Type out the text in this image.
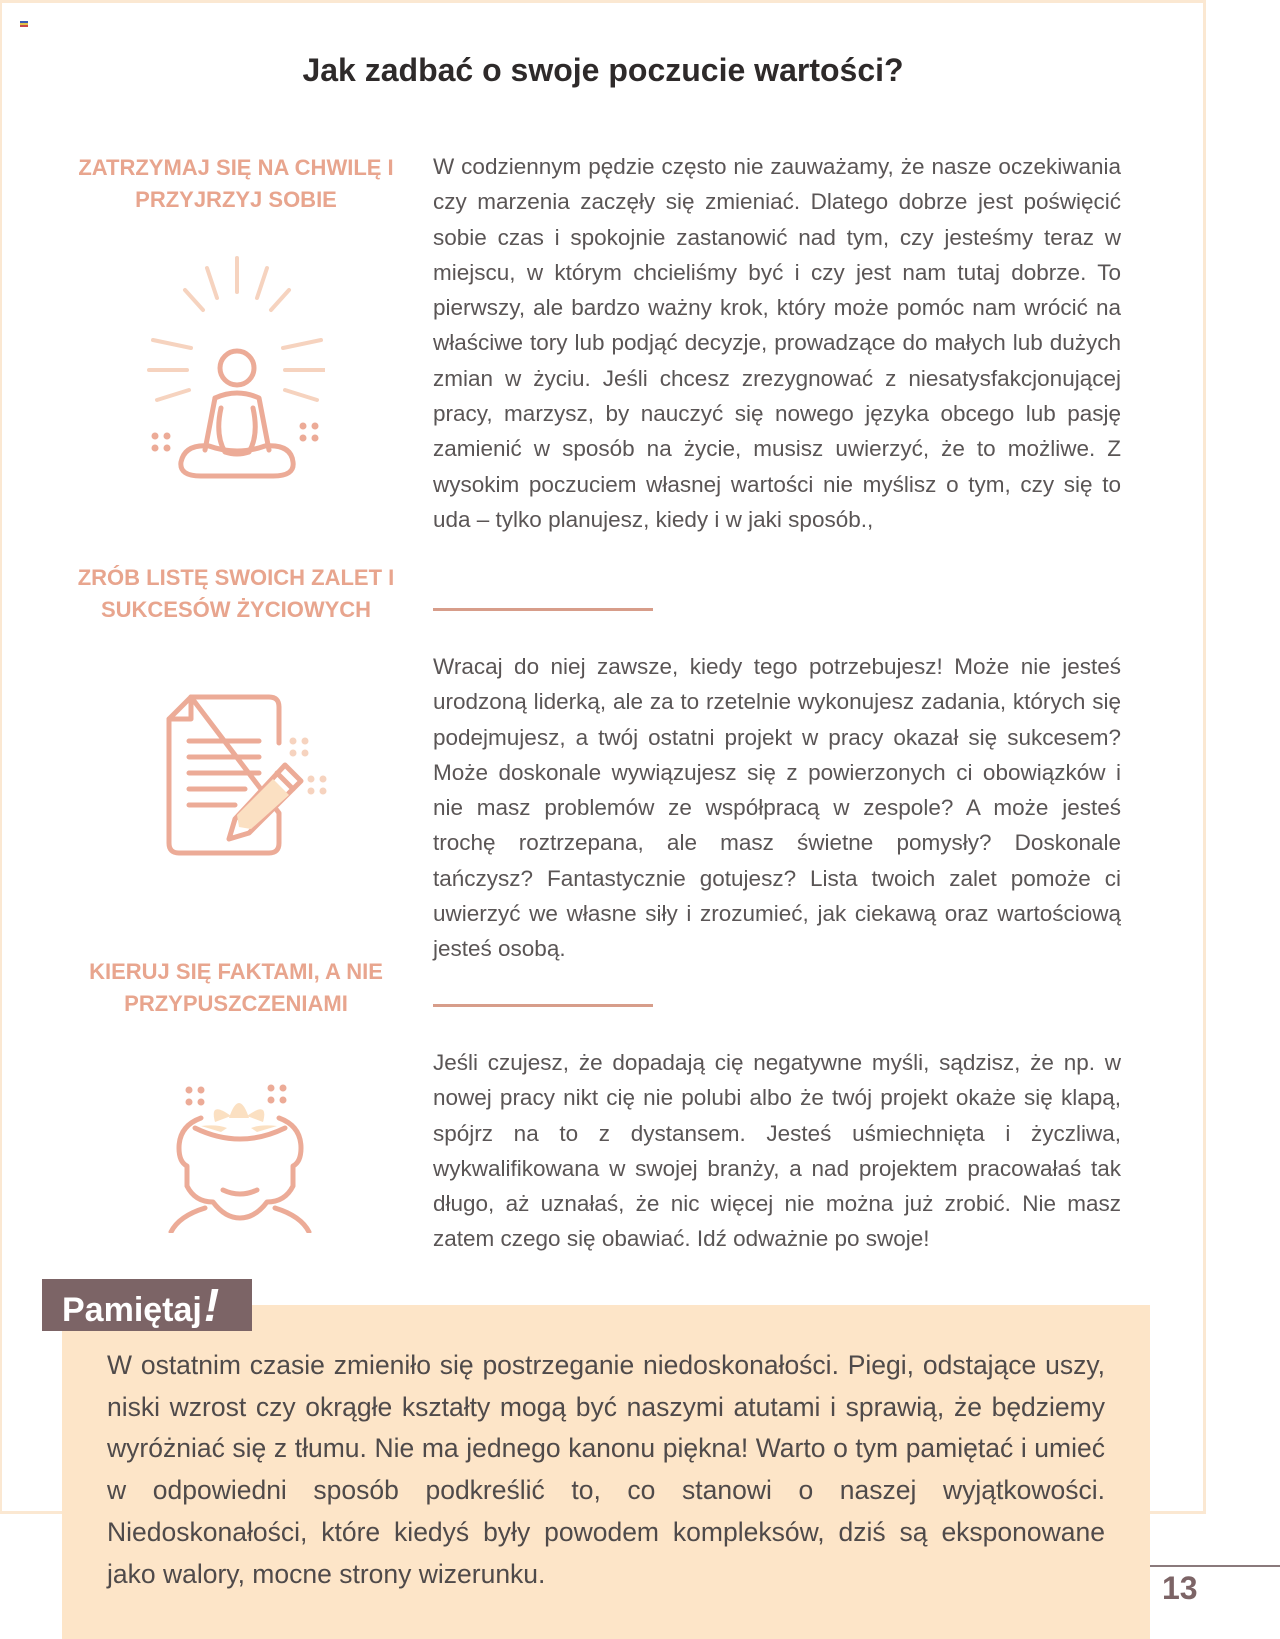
Jak zadbać o swoje poczucie wartości?
ZATRZYMAJ SIĘ NA CHWILĘ I PRZYJRZYJ SOBIE
ZRÓB LISTĘ SWOICH ZALET I SUKCESÓW ŻYCIOWYCH
KIERUJ SIĘ FAKTAMI, A NIE PRZYPUSZCZENIAMI

W codziennym pędzie często nie zauważamy, że nasze oczekiwania czy marzenia zaczęły się zmieniać. Dlatego dobrze jest poświęcić sobie czas i spokojnie zastanowić nad tym, czy jesteśmy teraz w miejscu, w którym chcieliśmy być i czy jest nam tutaj dobrze. To pierwszy, ale bardzo ważny krok, który może pomóc nam wrócić na właściwe tory lub podjąć decyzje, prowadzące do małych lub dużych zmian w życiu. Jeśli chcesz zrezygnować z niesatysfakcjonującej pracy, marzysz, by nauczyć się nowego języka obcego lub pasję zamienić w sposób na życie, musisz uwierzyć, że to możliwe. Z wysokim poczuciem własnej wartości nie myślisz o tym, czy się to uda – tylko planujesz, kiedy i w jaki sposób.,

Wracaj do niej zawsze, kiedy tego potrzebujesz! Może nie jesteś urodzoną liderką, ale za to rzetelnie wykonujesz zadania, których się podejmujesz, a twój ostatni projekt w pracy okazał się sukcesem? Może doskonale wywiązujesz się z powierzonych ci obowiązków i nie masz problemów ze współpracą w zespole? A może jesteś trochę roztrzepana, ale masz świetne pomysły? Doskonale tańczysz? Fantastycznie gotujesz? Lista twoich zalet pomoże ci uwierzyć we własne siły i zrozumieć, jak ciekawą oraz wartościową jesteś osobą.

Jeśli czujesz, że dopadają cię negatywne myśli, sądzisz, że np. w nowej pracy nikt cię nie polubi albo że twój projekt okaże się klapą, spójrz na to z dystansem. Jesteś uśmiechnięta i życzliwa, wykwalifikowana w swojej branży, a nad projektem pracowałaś tak długo, aż uznałaś, że nic więcej nie można już zrobić. Nie masz zatem czego się obawiać. Idź odważnie po swoje!

Pamiętaj!

W ostatnim czasie zmieniło się postrzeganie niedoskonałości. Piegi, odstające uszy, niski wzrost czy okrągłe kształty mogą być naszymi atutami i sprawią, że będziemy wyróżniać się z tłumu. Nie ma jednego kanonu piękna! Warto o tym pamiętać i umieć w odpowiedni sposób podkreślić to, co stanowi o naszej wyjątkowości. Niedoskonałości, które kiedyś były powodem kompleksów, dziś są eksponowane jako walory, mocne strony wizerunku.	13
